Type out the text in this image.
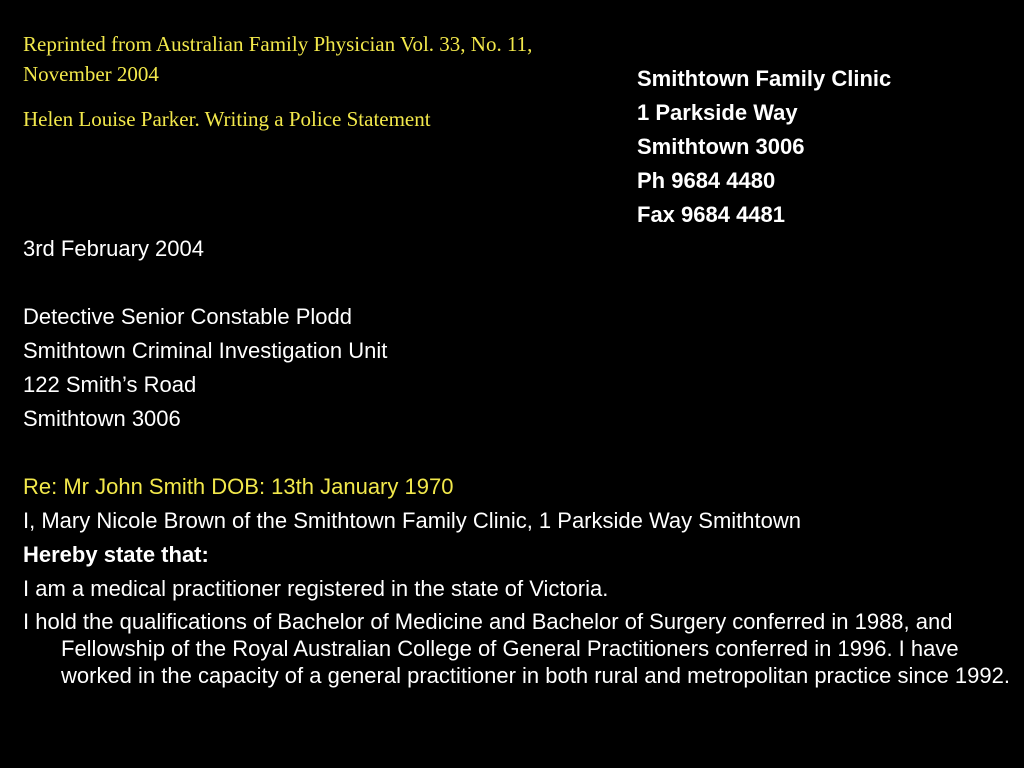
Reprinted from Australian Family Physician Vol. 33, No. 11, November 2004
Helen Louise Parker. Writing a Police Statement
Smithtown Family Clinic
1 Parkside Way
Smithtown 3006
Ph 9684 4480
Fax 9684 4481
3rd February 2004
Detective Senior Constable Plodd
Smithtown Criminal Investigation Unit
122 Smith’s Road
Smithtown 3006
Re: Mr John Smith DOB: 13th January 1970
I, Mary Nicole Brown of the Smithtown Family Clinic, 1 Parkside Way Smithtown
Hereby state that:
I am a medical practitioner registered in the state of Victoria.
I hold the qualifications of Bachelor of Medicine and Bachelor of Surgery conferred in 1988, and Fellowship of the Royal Australian College of General Practitioners conferred in 1996. I have worked in the capacity of a general practitioner in both rural and metropolitan practice since 1992.
